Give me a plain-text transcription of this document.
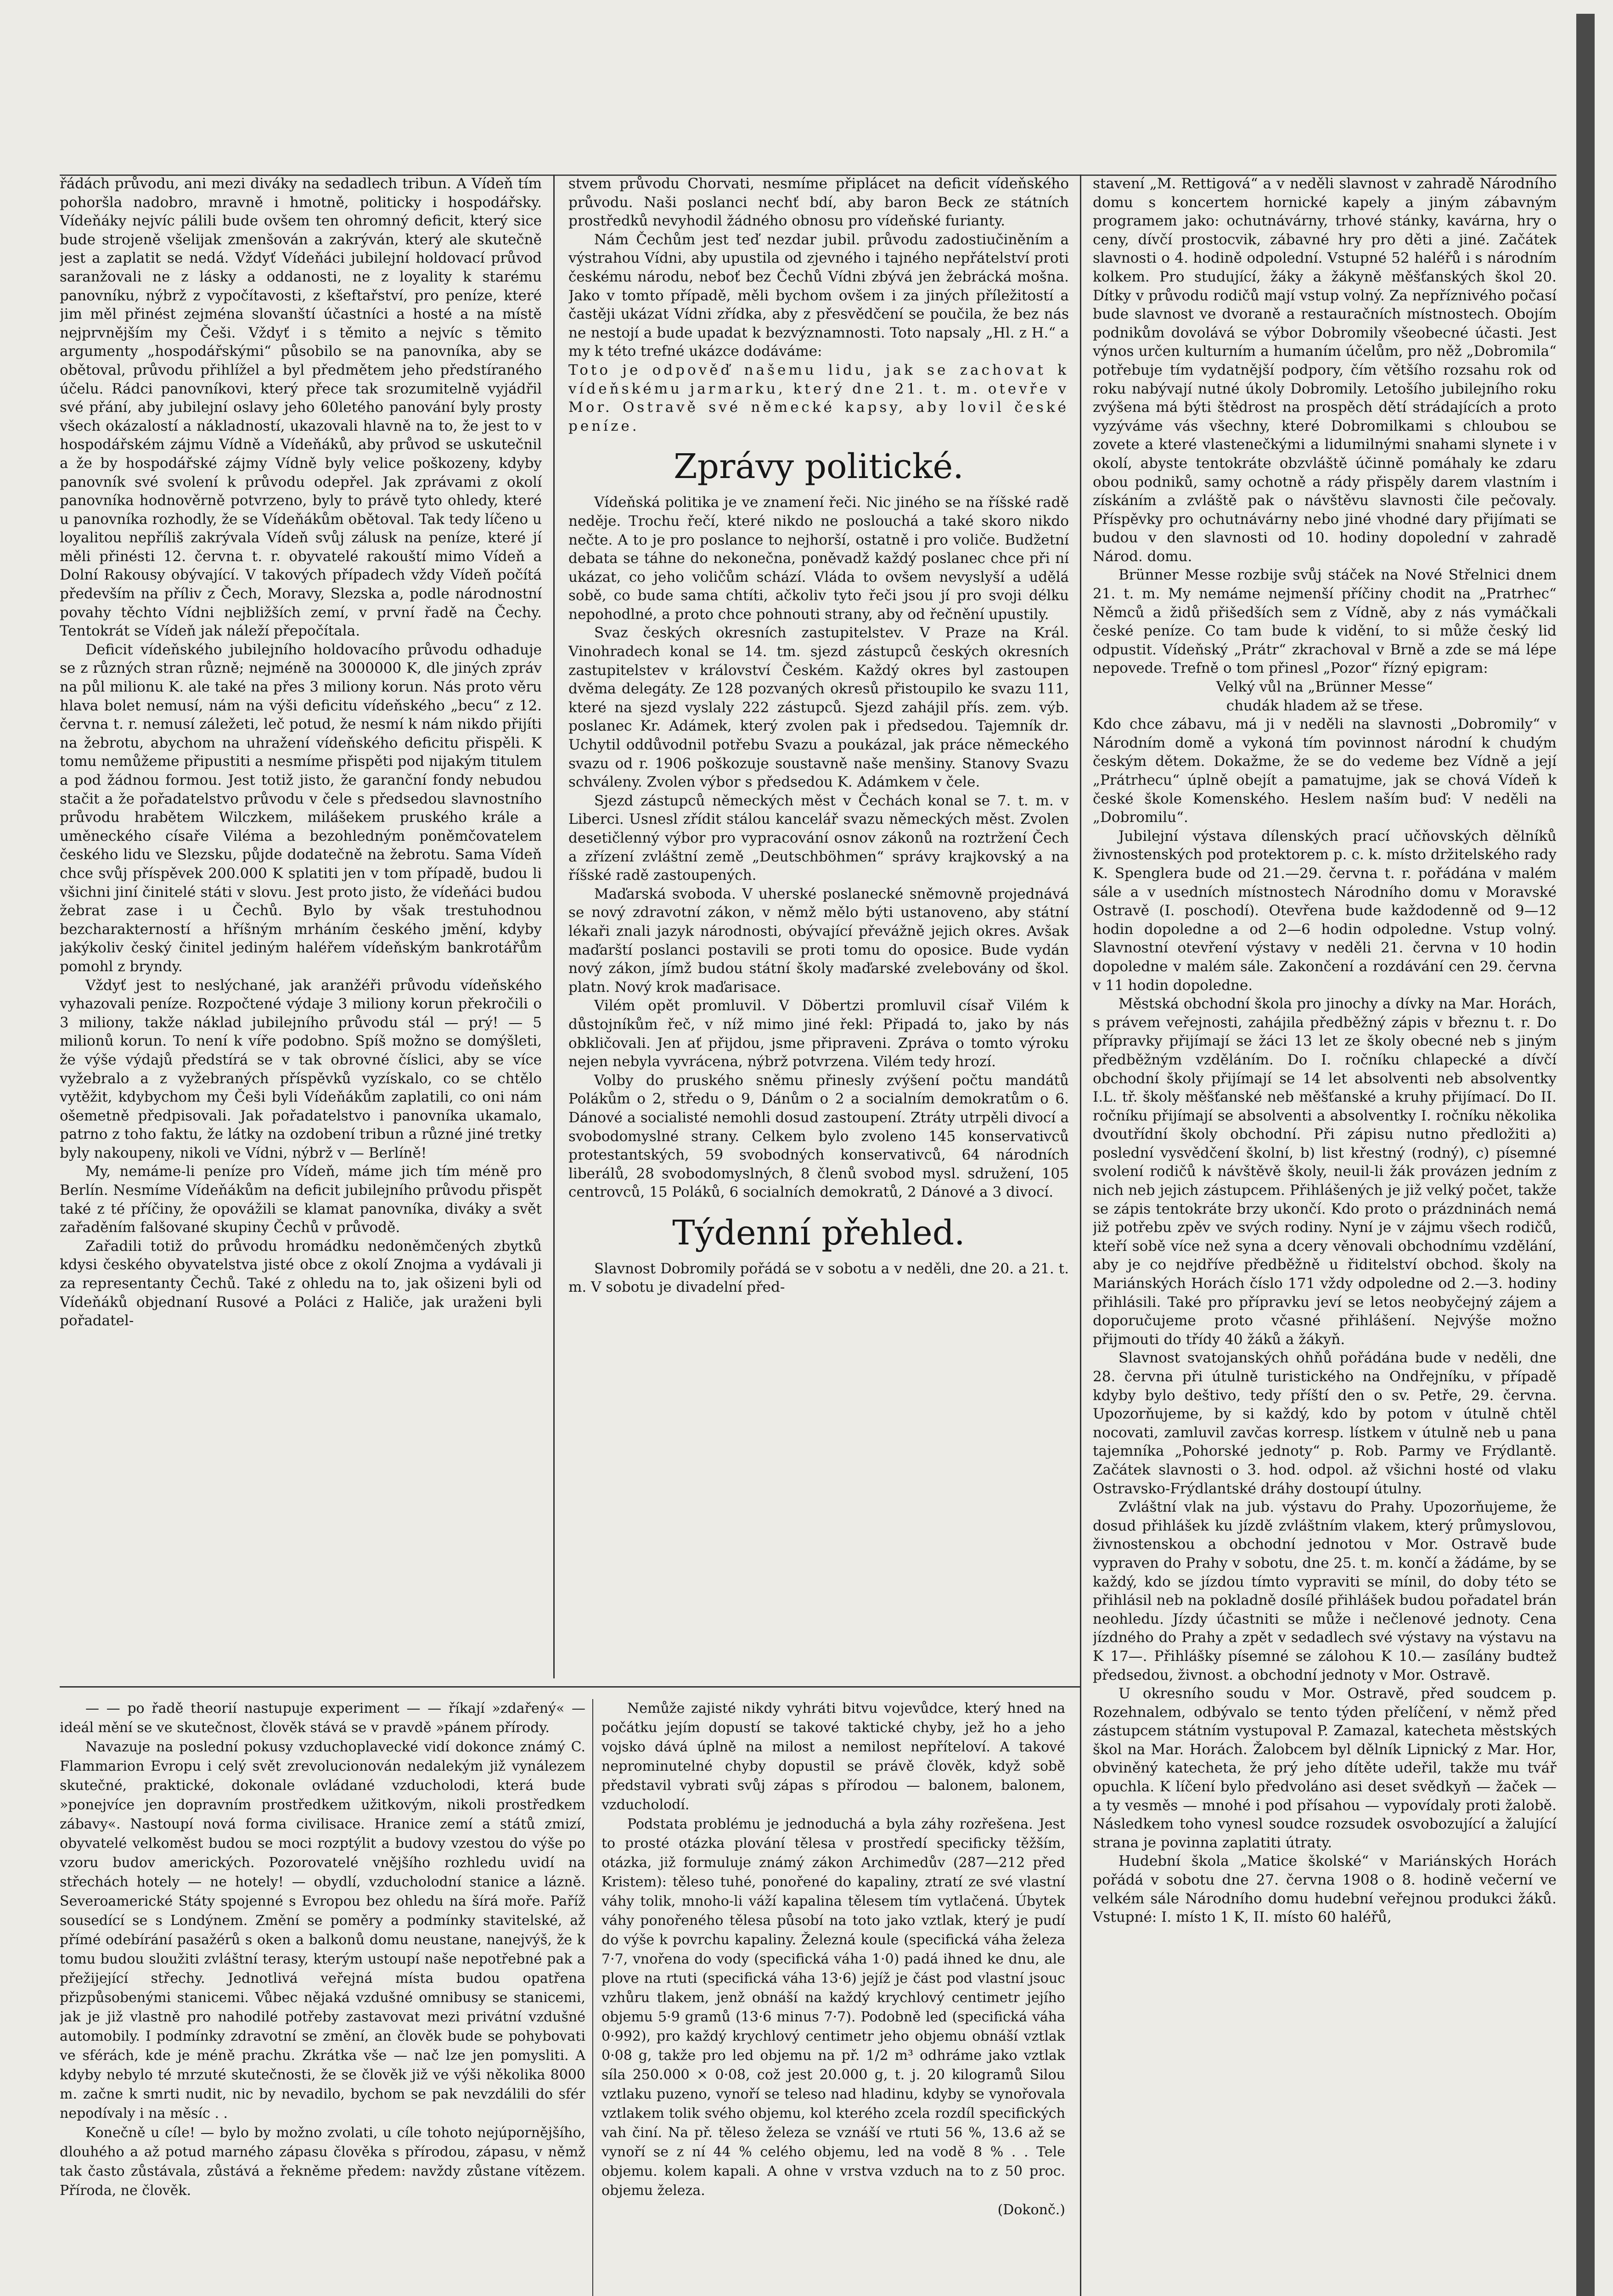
řádách průvodu, ani mezi diváky na sedadlech tribun. A Vídeň tím pohoršla nadobro, mravně i hmotně, politicky i hospodářsky. Vídeňáky nejvíc pálili bude ovšem ten ohromný deficit, který sice bude strojeně všelijak zmenšován a zakrýván, který ale skutečně jest a zaplatit se nedá. Vždyť Vídeňáci jubilejní holdovací průvod saranžovali ne z lásky a oddanosti, ne z loyality k starému panovníku, nýbrž z vypočítavosti, z kšeftařství, pro peníze, které jim měl přinést zejména slovanští účastníci a hosté a na místě nejprvnějším my Češi. Vždyť i s těmito a nejvíc s těmito argumenty „hospodářskými“ působilo se na panovníka, aby se obětoval, průvodu přihlížel a byl předmětem jeho předstíraného účelu. Rádci panovníkovi, který přece tak srozumitelně vyjádřil své přání, aby jubilejní oslavy jeho 60letého panování byly prosty všech okázalostí a nákladností, ukazovali hlavně na to, že jest to v hospodářském zájmu Vídně a Vídeňáků, aby průvod se uskutečnil a že by hospodářské zájmy Vídně byly velice poškozeny, kdyby panovník své svolení k průvodu odepřel. Jak zprávami z okolí panovníka hodnověrně potvrzeno, byly to právě tyto ohledy, které u panovníka rozhodly, že se Vídeňákům obětoval. Tak tedy líčeno u loyalitou nepříliš zakrývala Vídeň svůj zálusk na peníze, které jí měli přinésti 12. června t. r. obyvatelé rakouští mimo Vídeň a Dolní Rakousy obývající. V takových případech vždy Vídeň počítá především na příliv z Čech, Moravy, Slezska a, podle národnostní povahy těchto Vídni nejbližších zemí, v první řadě na Čechy. Tentokrát se Vídeň jak náleží přepočítala.

Deficit vídeňského jubilejního holdovacího průvodu odhaduje se z různých stran různě; nejméně na 3000000 K, dle jiných zpráv na půl milionu K. ale také na přes 3 miliony korun. Nás proto věru hlava bolet nemusí, nám na výši deficitu vídeňského „becu“ z 12. června t. r. nemusí záležeti, leč potud, že nesmí k nám nikdo přijíti na žebrotu, abychom na uhražení vídeňského deficitu přispěli. K tomu nemůžeme připustiti a nesmíme přispěti pod nijakým titulem a pod žádnou formou. Jest totiž jisto, že garanční fondy nebudou stačit a že pořadatelstvo průvodu v čele s předsedou slavnostního průvodu hrabětem Wilczkem, milášekem pruského krále a uměneckého císaře Viléma a bezohledným poněmčovatelem českého lidu ve Slezsku, půjde dodatečně na žebrotu. Sama Vídeň chce svůj příspěvek 200.000 K splatiti jen v tom případě, budou li všichni jiní činitelé státi v slovu. Jest proto jisto, že vídeňáci budou žebrat zase i u Čechů. Bylo by však trestuhodnou bezcharakterností a hříšným mrháním českého jmění, kdyby jakýkoliv český činitel jediným haléřem vídeňským bankrotářům pomohl z bryndy.

Vždyť jest to neslýchané, jak aranžéři průvodu vídeňského vyhazovali peníze. Rozpočtené výdaje 3 miliony korun překročili o 3 miliony, takže náklad jubilejního průvodu stál — prý! — 5 milionů korun. To není k víře podobno. Spíš možno se domýšleti, že výše výdajů předstírá se v tak obrovné číslici, aby se více vyžebralo a z vyžebraných příspěvků vyzískalo, co se chtělo vytěžit, kdybychom my Češi byli Vídeňákům zaplatili, co oni nám ošemetně předpisovali. Jak pořadatelstvo i panovníka ukamalo, patrno z toho faktu, že látky na ozdobení tribun a různé jiné tretky byly nakoupeny, nikoli ve Vídni, nýbrž v — Berlíně!

My, nemáme-li peníze pro Vídeň, máme jich tím méně pro Berlín. Nesmíme Vídeňákům na deficit jubilejního průvodu přispět také z té příčiny, že opovážili se klamat panovníka, diváky a svět zařaděním falšované skupiny Čechů v průvodě.

Zařadili totiž do průvodu hromádku nedoněmčených zbytků kdysi českého obyvatelstva jisté obce z okolí Znojma a vydávali ji za representanty Čechů. Také z ohledu na to, jak ošizeni byli od Vídeňáků objednaní Rusové a Poláci z Haliče, jak uraženi byli pořadatel-

stvem průvodu Chorvati, nesmíme připlácet na deficit vídeňského průvodu. Naši poslanci nechť bdí, aby baron Beck ze státních prostředků nevyhodil žádného obnosu pro vídeňské furianty.

Nám Čechům jest teď nezdar jubil. průvodu zadostiučiněním a výstrahou Vídni, aby upustila od zjevného i tajného nepřátelství proti českému národu, neboť bez Čechů Vídni zbývá jen žebrácká mošna. Jako v tomto případě, měli bychom ovšem i za jiných příležitostí a častěji ukázat Vídni zřídka, aby z přesvědčení se poučila, že bez nás ne nestojí a bude upadat k bezvýznamnosti. Toto napsaly „Hl. z H.“ a my k této trefné ukázce dodáváme:

Toto je odpověď našemu lidu, jak se zachovat k vídeňskému jarmarku, který dne 21. t. m. otevře v Mor. Ostravě své německé kapsy, aby lovil české peníze.

Zprávy politické.

Vídeňská politika je ve znamení řeči. Nic jiného se na říšské radě neděje. Trochu řečí, které nikdo ne poslouchá a také skoro nikdo nečte. A to je pro poslance to nejhorší, ostatně i pro voliče. Budžetní debata se táhne do nekonečna, poněvadž každý poslanec chce při ní ukázat, co jeho voličům schází. Vláda to ovšem nevyslyší a udělá sobě, co bude sama chtíti, ačkoliv tyto řeči jsou jí pro svoji délku nepohodlné, a proto chce pohnouti strany, aby od řečnění upustily.

Svaz českých okresních zastupitelstev. V Praze na Král. Vinohradech konal se 14. tm. sjezd zástupců českých okresních zastupitelstev v království Českém. Každý okres byl zastoupen dvěma delegáty. Ze 128 pozvaných okresů přistoupilo ke svazu 111, které na sjezd vyslaly 222 zástupců. Sjezd zahájil přís. zem. výb. poslanec Kr. Adámek, který zvolen pak i předsedou. Tajemník dr. Uchytil oddůvodnil potřebu Svazu a poukázal, jak práce německého svazu od r. 1906 poškozuje soustavně naše menšiny. Stanovy Svazu schváleny. Zvolen výbor s předsedou K. Adámkem v čele.

Sjezd zástupců německých měst v Čechách konal se 7. t. m. v Liberci. Usnesl zřídit stálou kancelář svazu německých měst. Zvolen desetičlenný výbor pro vypracování osnov zákonů na roztržení Čech a zřízení zvláštní země „Deutschböhmen“ správy krajkovský a na říšské radě zastoupených.

Maďarská svoboda. V uherské poslanecké sněmovně projednává se nový zdravotní zákon, v němž mělo býti ustanoveno, aby státní lékaři znali jazyk národnosti, obývající převážně jejich okres. Avšak maďarští poslanci postavili se proti tomu do oposice. Bude vydán nový zákon, jímž budou státní školy maďarské zvelebovány od škol. platn. Nový krok maďarisace.

Vilém opět promluvil. V Döbertzi promluvil císař Vilém k důstojníkům řeč, v níž mimo jiné řekl: Připadá to, jako by nás obkličovali. Jen ať přijdou, jsme připraveni. Zpráva o tomto výroku nejen nebyla vyvrácena, nýbrž potvrzena. Vilém tedy hrozí.

Volby do pruského sněmu přinesly zvýšení počtu mandátů Polákům o 2, středu o 9, Dánům o 2 a socialním demokratům o 6. Dánové a socialisté nemohli dosud zastoupení. Ztráty utrpěli divocí a svobodomyslné strany. Celkem bylo zvoleno 145 konservativců protestantských, 59 svobodných konservativců, 64 národních liberálů, 28 svobodomyslných, 8 členů svobod mysl. sdružení, 105 centrovců, 15 Poláků, 6 socialních demokratů, 2 Dánové a 3 divocí.

Týdenní přehled.

Slavnost Dobromily pořádá se v sobotu a v neděli, dne 20. a 21. t. m. V sobotu je divadelní před-

stavení „M. Rettigová“ a v neděli slavnost v zahradě Národního domu s koncertem hornické kapely a jiným zábavným programem jako: ochutnávárny, trhové stánky, kavárna, hry o ceny, dívčí prostocvik, zábavné hry pro děti a jiné. Začátek slavnosti o 4. hodině odpolední. Vstupné 52 haléřů i s národním kolkem. Pro studující, žáky a žákyně měšťanských škol 20. Dítky v průvodu rodičů mají vstup volný. Za nepříznivého počasí bude slavnost ve dvoraně a restauračních místnostech. Obojím podnikům dovolává se výbor Dobromily všeobecné účasti. Jest výnos určen kulturním a humaním účelům, pro něž „Dobromila“ potřebuje tím vydatnější podpory, čím většího rozsahu rok od roku nabývají nutné úkoly Dobromily. Letošího jubilejního roku zvýšena má býti štědrost na prospěch dětí strádajících a proto vyzýváme vás všechny, které Dobromilkami s chloubou se zovete a které vlastenečkými a lidumilnými snahami slynete i v okolí, abyste tentokráte obzvláště účinně pomáhaly ke zdaru obou podniků, samy ochotně a rády přispěly darem vlastním i získáním a zvláště pak o návštěvu slavnosti čile pečovaly. Příspěvky pro ochutnávárny nebo jiné vhodné dary přijímati se budou v den slavnosti od 10. hodiny dopolední v zahradě Národ. domu.

Brünner Messe rozbije svůj stáček na Nové Střelnici dnem 21. t. m. My nemáme nejmenší příčiny chodit na „Pratrhec“ Němců a židů přišedších sem z Vídně, aby z nás vymáčkali české peníze. Co tam bude k vidění, to si může český lid odpustit. Vídeňský „Prátr“ zkrachoval v Brně a zde se má lépe nepovede. Trefně o tom přinesl „Pozor“ řízný epigram:

Velký vůl na „Brünner Messe“

chudák hladem až se třese.

Kdo chce zábavu, má ji v neděli na slavnosti „Dobromily“ v Národním domě a vykoná tím povinnost národní k chudým českým dětem. Dokažme, že se do vedeme bez Vídně a její „Prátrhecu“ úplně obejít a pamatujme, jak se chová Vídeň k české škole Komenského. Heslem naším buď: V neděli na „Dobromilu“.

Jubilejní výstava dílenských prací učňovských dělníků živnostenských pod protektorem p. c. k. místo držitelského rady K. Spenglera bude od 21.—29. června t. r. pořádána v malém sále a v usedních místnostech Národního domu v Moravské Ostravě (I. poschodí). Otevřena bude každodenně od 9—12 hodin dopoledne a od 2—6 hodin odpoledne. Vstup volný. Slavnostní otevření výstavy v neděli 21. června v 10 hodin dopoledne v malém sále. Zakončení a rozdávání cen 29. června v 11 hodin dopoledne.

Městská obchodní škola pro jinochy a dívky na Mar. Horách, s právem veřejnosti, zahájila předběžný zápis v březnu t. r. Do přípravky přijímají se žáci 13 let ze školy obecné neb s jiným předběžným vzděláním. Do I. ročníku chlapecké a dívčí obchodní školy přijímají se 14 let absolventi neb absolventky I.L. tř. školy měšťanské neb měšťanské a kruhy přijímací. Do II. ročníku přijímají se absolventi a absolventky I. ročníku několika dvoutřídní školy obchodní. Při zápisu nutno předložiti a) poslední vysvědčení školní, b) list křestný (rodný), c) písemné svolení rodičů k návštěvě školy, neuil-li žák provázen jedním z nich neb jejich zástupcem. Přihlášených je již velký počet, takže se zápis tentokráte brzy ukončí. Kdo proto o prázdninách nemá již potřebu zpěv ve svých rodiny. Nyní je v zájmu všech rodičů, kteří sobě více než syna a dcery věnovali obchodnímu vzdělání, aby je co nejdříve předběžně u řiditelství obchod. školy na Mariánských Horách číslo 171 vždy odpoledne od 2.—3. hodiny přihlásili. Také pro přípravku jeví se letos neobyčejný zájem a doporučujeme proto včasné přihlášení. Nejvýše možno přijmouti do třídy 40 žáků a žákyň.

Slavnost svatojanských ohňů pořádána bude v neděli, dne 28. června při útulně turistického na Ondřejníku, v případě kdyby bylo deštivo, tedy příští den o sv. Petře, 29. června. Upozorňujeme, by si každý, kdo by potom v útulně chtěl nocovati, zamluvil zavčas korresp. lístkem v útulně neb u pana tajemníka „Pohorské jednoty“ p. Rob. Parmy ve Frýdlantě. Začátek slavnosti o 3. hod. odpol. až všichni hosté od vlaku Ostravsko-Frýdlantské dráhy dostoupí útulny.

Zvláštní vlak na jub. výstavu do Prahy. Upozorňujeme, že dosud přihlášek ku jízdě zvláštním vlakem, který průmyslovou, živnostenskou a obchodní jednotou v Mor. Ostravě bude vypraven do Prahy v sobotu, dne 25. t. m. končí a žádáme, by se každý, kdo se jízdou tímto vypraviti se mínil, do doby této se přihlásil neb na pokladně dosílé přihlášek budou pořadatel brán neohledu. Jízdy účastniti se může i nečlenové jednoty. Cena jízdného do Prahy a zpět v sedadlech své výstavy na výstavu na K 17—. Přihlášky písemné se zálohou K 10.— zasílány budtež předsedou, živnost. a obchodní jednoty v Mor. Ostravě.

U okresního soudu v Mor. Ostravě, před soudcem p. Rozehnalem, odbývalo se tento týden přelíčení, v němž před zástupcem státním vystupoval P. Zamazal, katecheta městských škol na Mar. Horách. Žalobcem byl dělník Lipnický z Mar. Hor, obviněný katecheta, že prý jeho dítěte udeřil, takže mu tvář opuchla. K líčení bylo předvoláno asi deset svědkyň — žaček — a ty vesměs — mnohé i pod přísahou — vypovídaly proti žalobě. Následkem toho vynesl soudce rozsudek osvobozující a žalující strana je povinna zaplatiti útraty.

Hudební škola „Matice školské“ v Mariánských Horách pořádá v sobotu dne 27. června 1908 o 8. hodině večerní ve velkém sále Národního domu hudební veřejnou produkci žáků. Vstupné: I. místo 1 K, II. místo 60 haléřů,

— — po řadě theorií nastupuje experiment — — říkají »zdařený« — ideál mění se ve skutečnost, člověk stává se v pravdě »pánem přírody.

Navazuje na poslední pokusy vzduchoplavecké vidí dokonce známý C. Flammarion Evropu i celý svět zrevolucionován nedalekým již vynálezem skutečné, praktické, dokonale ovládané vzducholodi, která bude »ponejvíce jen dopravním prostředkem užitkovým, nikoli prostředkem zábavy«. Nastoupí nová forma civilisace. Hranice zemí a států zmizí, obyvatelé velkoměst budou se moci rozptýlit a budovy vzestou do výše po vzoru budov amerických. Pozorovatelé vnějšího rozhledu uvidí na střechách hotely — ne hotely! — obydlí, vzducholodní stanice a lázně. Severoamerické Státy spojenné s Evropou bez ohledu na šírá moře. Paříž sousedící se s Londýnem. Změní se poměry a podmínky stavitelské, až přímé odebírání pasažérů s oken a balkonů domu neustane, nanejvýš, že k tomu budou sloužiti zvláštní terasy, kterým ustoupí naše nepotřebné pak a přežijející střechy. Jednotlivá veřejná místa budou opatřena přizpůsobenými stanicemi. Vůbec nějaká vzdušné omnibusy se stanicemi, jak je již vlastně pro nahodilé potřeby zastavovat mezi privátní vzdušné automobily. I podmínky zdravotní se změní, an člověk bude se pohybovati ve sférách, kde je méně prachu. Zkrátka vše — nač lze jen pomysliti. A kdyby nebylo té mrzuté skutečnosti, že se člověk již ve výši několika 8000 m. začne k smrti nudit, nic by nevadilo, bychom se pak nevzdálili do sfér nepodívaly i na měsíc . .

Konečně u cíle! — bylo by možno zvolati, u cíle tohoto nejúpornějšího, dlouhého a až potud marného zápasu člověka s přírodou, zápasu, v němž tak často zůstávala, zůstává a řekněme předem: navždy zůstane vítězem. Příroda, ne člověk.

Nemůže zajisté nikdy vyhráti bitvu vojevůdce, který hned na počátku jejím dopustí se takové taktické chyby, jež ho a jeho vojsko dává úplně na milost a nemilost nepříteloví. A takové neprominutelné chyby dopustil se právě člověk, když sobě představil vybrati svůj zápas s přírodou — balonem, balonem, vzducholodí.

Podstata problému je jednoduchá a byla záhy rozřešena. Jest to prosté otázka plování tělesa v prostředí specificky těžším, otázka, již formuluje známý zákon Archimedův (287—212 před Kristem): těleso tuhé, ponořené do kapaliny, ztratí ze své vlastní váhy tolik, mnoho-li váží kapalina tělesem tím vytlačená. Úbytek váhy ponořeného tělesa působí na toto jako vztlak, který je pudí do výše k povrchu kapaliny. Železná koule (specifická váha železa 7·7, vnořena do vody (specifická váha 1·0) padá ihned ke dnu, ale plove na rtuti (specifická váha 13·6) jejíž je část pod vlastní jsouc vzhůru tlakem, jenž obnáší na každý krychlový centimetr jejího objemu 5·9 gramů (13·6 minus 7·7). Podobně led (specifická váha 0·992), pro každý krychlový centimetr jeho objemu obnáší vztlak 0·08 g, takže pro led objemu na př. 1/2 m³ odhráme jako vztlak síla 250.000 × 0·08, což jest 20.000 g, t. j. 20 kilogramů Silou vztlaku puzeno, vynoří se teleso nad hladinu, kdyby se vynořovala vztlakem tolik svého objemu, kol kterého zcela rozdíl specifických vah činí. Na př. těleso železa se vznáší ve rtuti 56 %, 13.6 až se vynoří se z ní 44 % celého objemu, led na vodě 8 % . . Tele objemu. kolem kapali. A ohne v vrstva vzduch na to z 50 proc. objemu železa.

(Dokonč.)
